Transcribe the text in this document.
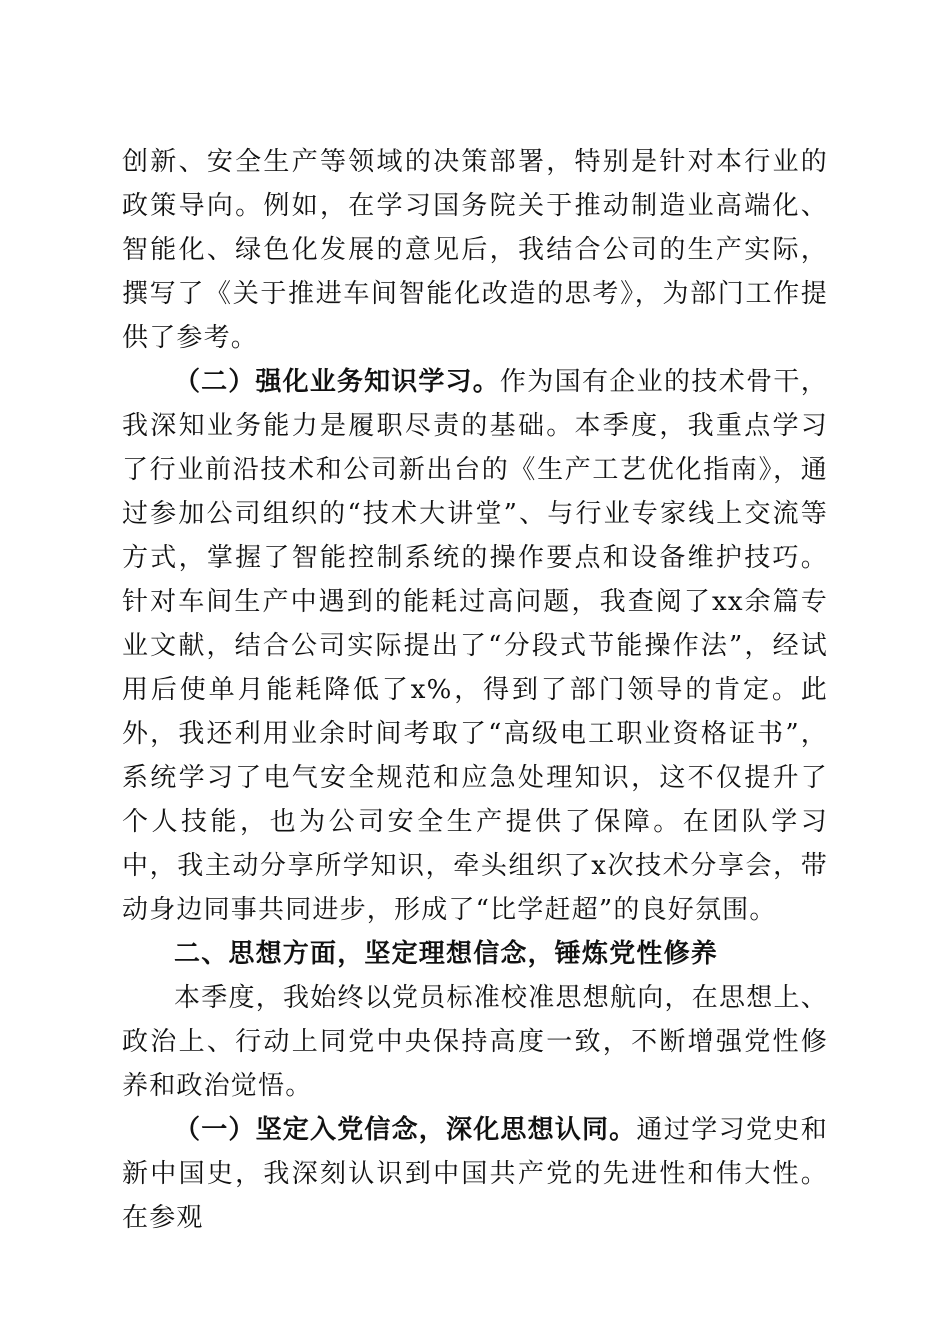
创新、安全生产等领域的决策部署，特别是针对本行业的政策导向。例如，在学习国务院关于推动制造业高端化、智能化、绿色化发展的意见后，我结合公司的生产实际，撰写了《关于推进车间智能化改造的思考》，为部门工作提供了参考。

（二）强化业务知识学习。作为国有企业的技术骨干，我深知业务能力是履职尽责的基础。本季度，我重点学习了行业前沿技术和公司新出台的《生产工艺优化指南》，通过参加公司组织的“技术大讲堂”、与行业专家线上交流等方式，掌握了智能控制系统的操作要点和设备维护技巧。针对车间生产中遇到的能耗过高问题，我查阅了xx余篇专业文献，结合公司实际提出了“分段式节能操作法”，经试用后使单月能耗降低了x%，得到了部门领导的肯定。此外，我还利用业余时间考取了“高级电工职业资格证书”，系统学习了电气安全规范和应急处理知识，这不仅提升了个人技能，也为公司安全生产提供了保障。在团队学习中，我主动分享所学知识，牵头组织了x次技术分享会，带动身边同事共同进步，形成了“比学赶超”的良好氛围。

二、思想方面，坚定理想信念，锤炼党性修养

本季度，我始终以党员标准校准思想航向，在思想上、政治上、行动上同党中央保持高度一致，不断增强党性修养和政治觉悟。

（一）坚定入党信念，深化思想认同。通过学习党史和新中国史，我深刻认识到中国共产党的先进性和伟大性。在参观
